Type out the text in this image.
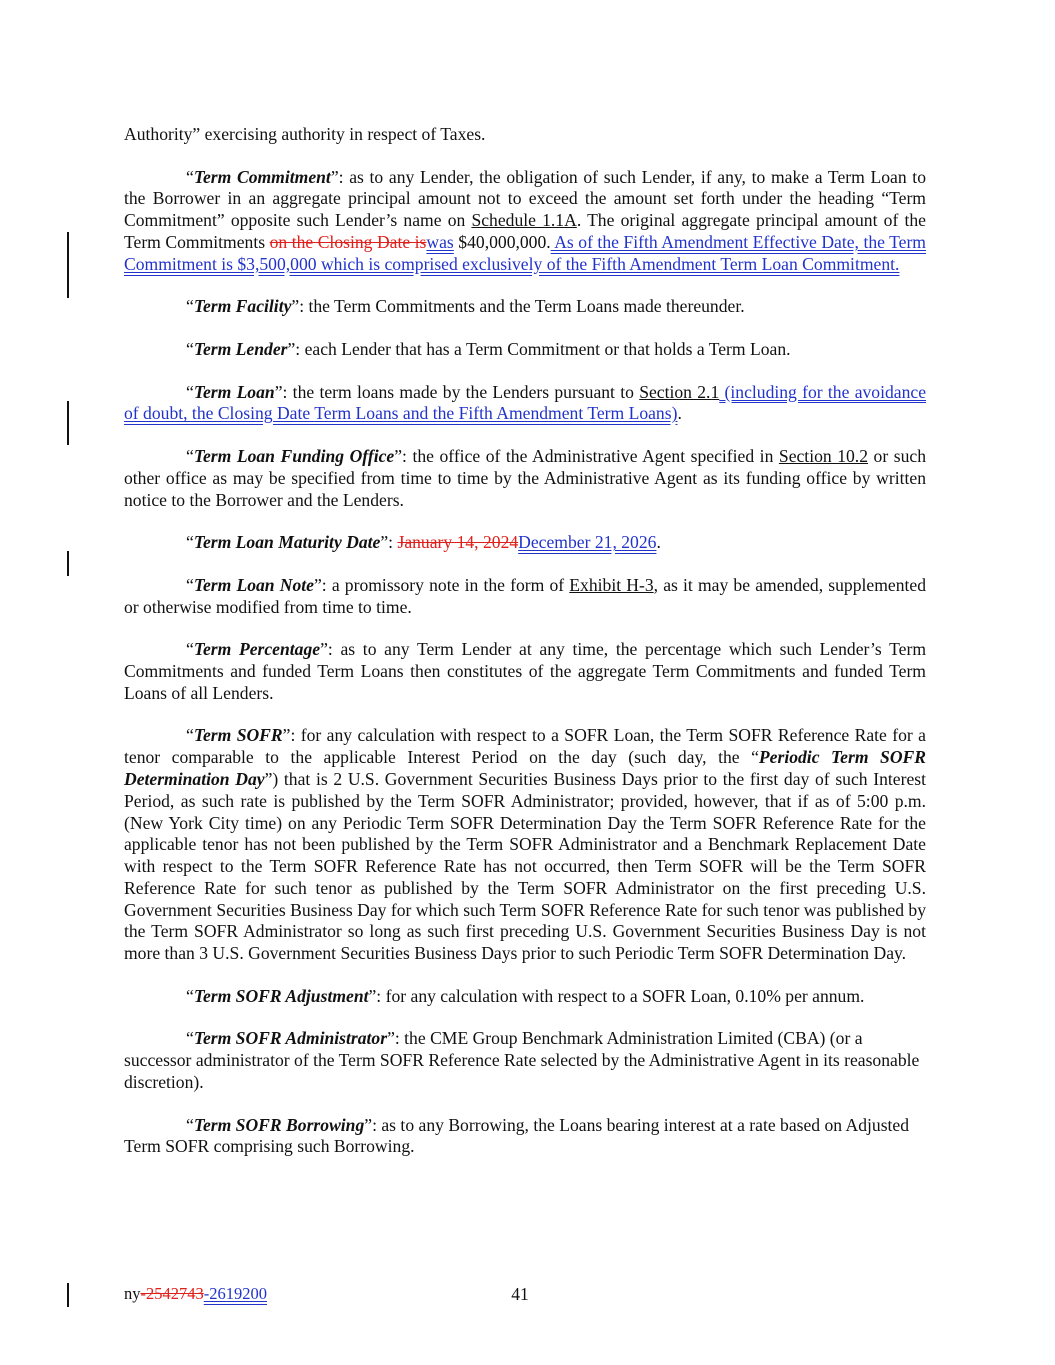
Authority” exercising authority in respect of Taxes.

“Term Commitment”: as to any Lender, the obligation of such Lender, if any, to make a Term Loan to the Borrower in an aggregate principal amount not to exceed the amount set forth under the heading “Term Commitment” opposite such Lender’s name on Schedule 1.1A. The original aggregate principal amount of the Term Commitments on the Closing Date iswas $40,000,000. As of the Fifth Amendment Effective Date, the Term Commitment is $3,500,000 which is comprised exclusively of the Fifth Amendment Term Loan Commitment.

“Term Facility”: the Term Commitments and the Term Loans made thereunder.

“Term Lender”: each Lender that has a Term Commitment or that holds a Term Loan.

“Term Loan”: the term loans made by the Lenders pursuant to Section 2.1 (including for the avoidance of doubt, the Closing Date Term Loans and the Fifth Amendment Term Loans).

“Term Loan Funding Office”: the office of the Administrative Agent specified in Section 10.2 or such other office as may be specified from time to time by the Administrative Agent as its funding office by written notice to the Borrower and the Lenders.

“Term Loan Maturity Date”: January 14, 2024December 21, 2026.

“Term Loan Note”: a promissory note in the form of Exhibit H-3, as it may be amended, supplemented or otherwise modified from time to time.

“Term Percentage”: as to any Term Lender at any time, the percentage which such Lender’s Term Commitments and funded Term Loans then constitutes of the aggregate Term Commitments and funded Term Loans of all Lenders.

“Term SOFR”: for any calculation with respect to a SOFR Loan, the Term SOFR Reference Rate for a tenor comparable to the applicable Interest Period on the day (such day, the “Periodic Term SOFR Determination Day”) that is 2 U.S. Government Securities Business Days prior to the first day of such Interest Period, as such rate is published by the Term SOFR Administrator; provided, however, that if as of 5:00 p.m. (New York City time) on any Periodic Term SOFR Determination Day the Term SOFR Reference Rate for the applicable tenor has not been published by the Term SOFR Administrator and a Benchmark Replacement Date with respect to the Term SOFR Reference Rate has not occurred, then Term SOFR will be the Term SOFR Reference Rate for such tenor as published by the Term SOFR Administrator on the first preceding U.S. Government Securities Business Day for which such Term SOFR Reference Rate for such tenor was published by the Term SOFR Administrator so long as such first preceding U.S. Government Securities Business Day is not more than 3 U.S. Government Securities Business Days prior to such Periodic Term SOFR Determination Day.

“Term SOFR Adjustment”: for any calculation with respect to a SOFR Loan, 0.10% per annum.

“Term SOFR Administrator”: the CME Group Benchmark Administration Limited (CBA) (or a successor administrator of the Term SOFR Reference Rate selected by the Administrative Agent in its reasonable discretion).

“Term SOFR Borrowing”: as to any Borrowing, the Loans bearing interest at a rate based on Adjusted Term SOFR comprising such Borrowing.

ny-2542743-2619200	41
